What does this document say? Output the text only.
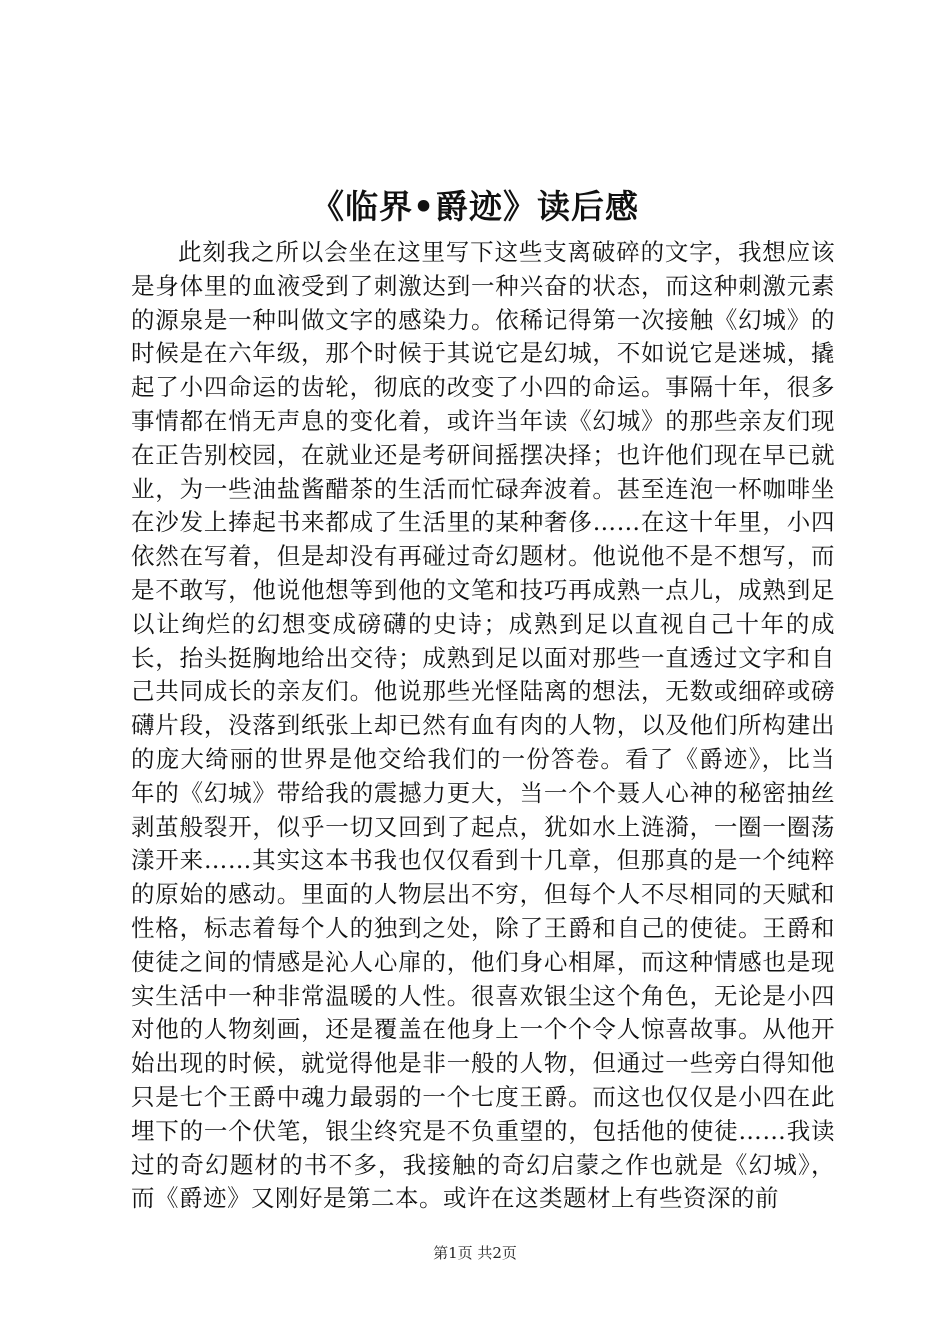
《临界•爵迹》读后感

此刻我之所以会坐在这里写下这些支离破碎的文字，我想应该是身体里的血液受到了刺激达到一种兴奋的状态，而这种刺激元素的源泉是一种叫做文字的感染力。依稀记得第一次接触《幻城》的时候是在六年级，那个时候于其说它是幻城，不如说它是迷城，撬起了小四命运的齿轮，彻底的改变了小四的命运。事隔十年，很多事情都在悄无声息的变化着，或许当年读《幻城》的那些亲友们现在正告别校园，在就业还是考研间摇摆决择；也许他们现在早已就业，为一些油盐酱醋茶的生活而忙碌奔波着。甚至连泡一杯咖啡坐在沙发上捧起书来都成了生活里的某种奢侈……在这十年里，小四依然在写着，但是却没有再碰过奇幻题材。他说他不是不想写，而是不敢写，他说他想等到他的文笔和技巧再成熟一点儿，成熟到足以让绚烂的幻想变成磅礴的史诗；成熟到足以直视自己十年的成长，抬头挺胸地给出交待；成熟到足以面对那些一直透过文字和自己共同成长的亲友们。他说那些光怪陆离的想法，无数或细碎或磅礴片段，没落到纸张上却已然有血有肉的人物，以及他们所构建出的庞大绮丽的世界是他交给我们的一份答卷。看了《爵迹》，比当年的《幻城》带给我的震撼力更大，当一个个聂人心神的秘密抽丝剥茧般裂开，似乎一切又回到了起点，犹如水上涟漪，一圈一圈荡漾开来……其实这本书我也仅仅看到十几章，但那真的是一个纯粹的原始的感动。里面的人物层出不穷，但每个人不尽相同的天赋和性格，标志着每个人的独到之处，除了王爵和自己的使徒。王爵和使徒之间的情感是沁人心扉的，他们身心相犀，而这种情感也是现实生活中一种非常温暖的人性。很喜欢银尘这个角色，无论是小四对他的人物刻画，还是覆盖在他身上一个个令人惊喜故事。从他开始出现的时候，就觉得他是非一般的人物，但通过一些旁白得知他只是七个王爵中魂力最弱的一个七度王爵。而这也仅仅是小四在此埋下的一个伏笔，银尘终究是不负重望的，包括他的使徒……我读过的奇幻题材的书不多，我接触的奇幻启蒙之作也就是《幻城》，而《爵迹》又刚好是第二本。或许在这类题材上有些资深的前

第1页 共2页
